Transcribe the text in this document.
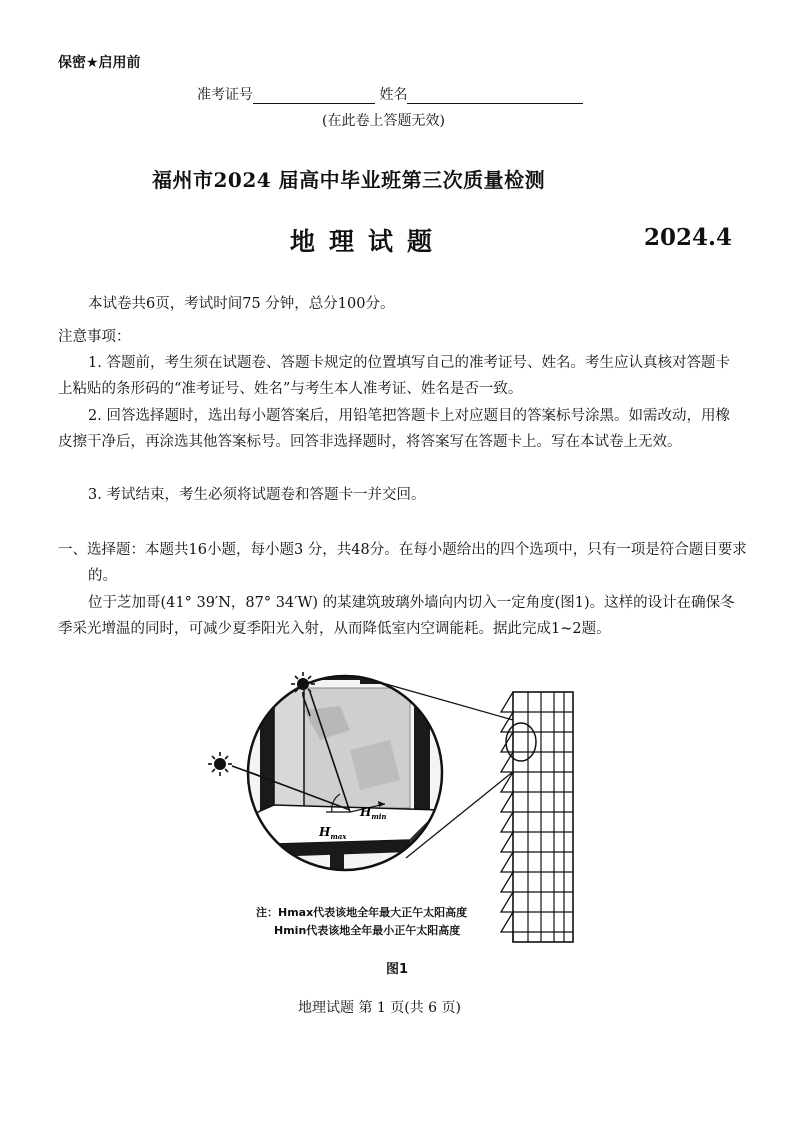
保密★启用前
准考证号	姓名
(在此卷上答题无效)
福州市2024 届高中毕业班第三次质量检测
地理试题	2024.4
本试卷共6页，考试时间75 分钟，总分100分。
注意事项：
1. 答题前，考生须在试题卷、答题卡规定的位置填写自己的准考证号、姓名。考生应认真核对答题卡上粘贴的条形码的“准考证号、姓名”与考生本人准考证、姓名是否一致。
2. 回答选择题时，选出每小题答案后，用铅笔把答题卡上对应题目的答案标号涂黑。如需改动，用橡皮擦干净后，再涂选其他答案标号。回答非选择题时，将答案写在答题卡上。写在本试卷上无效。
3. 考试结束，考生必须将试题卷和答题卡一并交回。
一、选择题：本题共16小题，每小题3 分，共48分。在每小题给出的四个选项中，只有一项是符合题目要求的。
位于芝加哥(41° 39′N，87° 34′W) 的某建筑玻璃外墙向内切入一定角度(图1)。这样的设计在确保冬季采光增温的同时，可减少夏季阳光入射，从而降低室内空调能耗。据此完成1~2题。
$H_{max}$
$H_{min}$
注：Hmax代表该地全年最大正午太阳高度
Hmin代表该地全年最小正午太阳高度
图1
地理试题 第 1 页(共 6 页)
